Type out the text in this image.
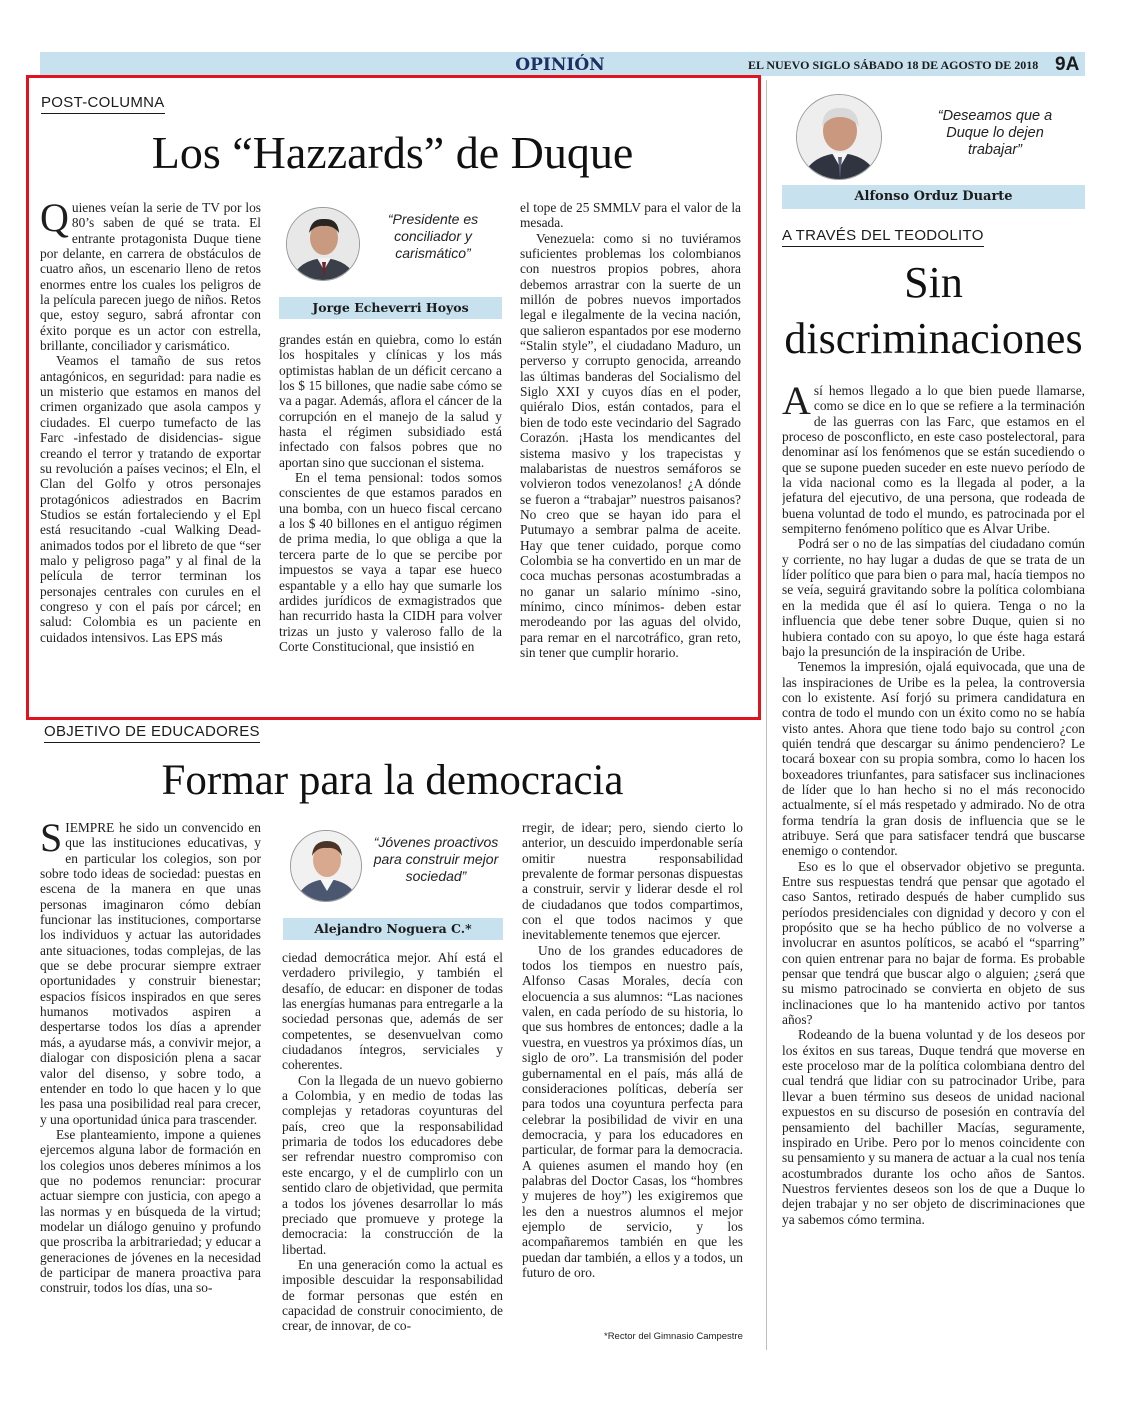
OPINIÓN	EL NUEVO SIGLO SÁBADO 18 DE AGOSTO DE 2018 9A
POST-COLUMNA
Los “Hazzards” de Duque

Quienes veían la serie de TV por los 80’s saben de qué se trata. El entrante protagonista Duque tiene por delante, en carrera de obstáculos de cuatro años, un escenario lleno de retos enormes entre los cuales los peligros de la película parecen juego de niños. Retos que, estoy seguro, sabrá afrontar con éxito porque es un actor con estrella, brillante, conciliador y carismático.

Veamos el tamaño de sus retos antagónicos, en seguridad: para nadie es un misterio que estamos en manos del crimen organizado que asola campos y ciudades. El cuerpo tumefacto de las Farc -infestado de disidencias- sigue creando el terror y tratando de exportar su revolución a países vecinos; el Eln, el Clan del Golfo y otros personajes protagónicos adiestrados en Bacrim Studios se están fortaleciendo y el Epl está resucitando -cual Walking Dead- animados todos por el libreto de que “ser malo y peligroso paga” y al final de la película de terror terminan los personajes centrales con curules en el congreso y con el país por cárcel; en salud: Colombia es un paciente en cuidados intensivos. Las EPS más

“Presidente es conciliador y carismático”
Jorge Echeverri Hoyos

grandes están en quiebra, como lo están los hospitales y clínicas y los más optimistas hablan de un déficit cercano a los $ 15 billones, que nadie sabe cómo se va a pagar. Además, aflora el cáncer de la corrupción en el manejo de la salud y hasta el régimen subsidiado está infectado con falsos pobres que no aportan sino que succionan el sistema.

En el tema pensional: todos somos conscientes de que estamos parados en una bomba, con un hueco fiscal cercano a los $ 40 billones en el antiguo régimen de prima media, lo que obliga a que la tercera parte de lo que se percibe por impuestos se vaya a tapar ese hueco espantable y a ello hay que sumarle los ardides jurídicos de exmagistrados que han recurrido hasta la CIDH para volver trizas un justo y valeroso fallo de la Corte Constitucional, que insistió en

el tope de 25 SMMLV para el valor de la mesada.

Venezuela: como si no tuviéramos suficientes problemas los colombianos con nuestros propios pobres, ahora debemos arrastrar con la suerte de un millón de pobres nuevos importados legal e ilegalmente de la vecina nación, que salieron espantados por ese moderno “Stalin style”, el ciudadano Maduro, un perverso y corrupto genocida, arreando las últimas banderas del Socialismo del Siglo XXI y cuyos días en el poder, quiéralo Dios, están contados, para el bien de todo este vecindario del Sagrado Corazón. ¡Hasta los mendicantes del sistema masivo y los trapecistas y malabaristas de nuestros semáforos se volvieron todos venezolanos! ¿A dónde se fueron a “trabajar” nuestros paisanos? No creo que se hayan ido para el Putumayo a sembrar palma de aceite. Hay que tener cuidado, porque como Colombia se ha convertido en un mar de coca muchas personas acostumbradas a no ganar un salario mínimo -sino, mínimo, cinco mínimos- deben estar merodeando por las aguas del olvido, para remar en el narcotráfico, gran reto, sin tener que cumplir horario.

OBJETIVO DE EDUCADORES
Formar para la democracia

SIEMPRE he sido un convencido en que las instituciones educativas, y en particular los colegios, son por sobre todo ideas de sociedad: puestas en escena de la manera en que unas personas imaginaron cómo debían funcionar las instituciones, comportarse los individuos y actuar las autoridades ante situaciones, todas complejas, de las que se debe procurar siempre extraer oportunidades y construir bienestar; espacios físicos inspirados en que seres humanos motivados aspiren a despertarse todos los días a aprender más, a ayudarse más, a convivir mejor, a dialogar con disposición plena a sacar valor del disenso, y sobre todo, a entender en todo lo que hacen y lo que les pasa una posibilidad real para crecer, y una oportunidad única para trascender.

Ese planteamiento, impone a quienes ejercemos alguna labor de formación en los colegios unos deberes mínimos a los que no podemos renunciar: procurar actuar siempre con justicia, con apego a las normas y en búsqueda de la virtud; modelar un diálogo genuino y profundo que proscriba la arbitrariedad; y educar a generaciones de jóvenes en la necesidad de participar de manera proactiva para construir, todos los días, una so-

“Jóvenes proactivos para construir mejor sociedad”
Alejandro Noguera C.*

ciedad democrática mejor. Ahí está el verdadero privilegio, y también el desafío, de educar: en disponer de todas las energías humanas para entregarle a la sociedad personas que, además de ser competentes, se desenvuelvan como ciudadanos íntegros, serviciales y coherentes.

Con la llegada de un nuevo gobierno a Colombia, y en medio de todas las complejas y retadoras coyunturas del país, creo que la responsabilidad primaria de todos los educadores debe ser refrendar nuestro compromiso con este encargo, y el de cumplirlo con un sentido claro de objetividad, que permita a todos los jóvenes desarrollar lo más preciado que promueve y protege la democracia: la construcción de la libertad.

En una generación como la actual es imposible descuidar la responsabilidad de formar personas que estén en capacidad de construir conocimiento, de crear, de innovar, de co-

rregir, de idear; pero, siendo cierto lo anterior, un descuido imperdonable sería omitir nuestra responsabilidad prevalente de formar personas dispuestas a construir, servir y liderar desde el rol de ciudadanos que todos compartimos, con el que todos nacimos y que inevitablemente tenemos que ejercer.

Uno de los grandes educadores de todos los tiempos en nuestro país, Alfonso Casas Morales, decía con elocuencia a sus alumnos: “Las naciones valen, en cada período de su historia, lo que sus hombres de entonces; dadle a la vuestra, en vuestros ya próximos días, un siglo de oro”. La transmisión del poder gubernamental en el país, más allá de consideraciones políticas, debería ser para todos una coyuntura perfecta para celebrar la posibilidad de vivir en una democracia, y para los educadores en particular, de formar para la democracia. A quienes asumen el mando hoy (en palabras del Doctor Casas, los “hombres y mujeres de hoy”) les exigiremos que les den a nuestros alumnos el mejor ejemplo de servicio, y los acompañaremos también en que les puedan dar también, a ellos y a todos, un futuro de oro.

*Rector del Gimnasio Campestre
“Deseamos que a Duque lo dejen trabajar”
Alfonso Orduz Duarte
A TRAVÉS DEL TEODOLITO
Sin
discriminaciones

Así hemos llegado a lo que bien puede llamarse, como se dice en lo que se refiere a la terminación de las guerras con las Farc, que estamos en el proceso de posconflicto, en este caso postelectoral, para denominar así los fenómenos que se están sucediendo o que se supone pueden suceder en este nuevo período de la vida nacional como es la llegada al poder, a la jefatura del ejecutivo, de una persona, que rodeada de buena voluntad de todo el mundo, es patrocinada por el sempiterno fenómeno político que es Alvar Uribe.

Podrá ser o no de las simpatías del ciudadano común y corriente, no hay lugar a dudas de que se trata de un líder político que para bien o para mal, hacía tiempos no se veía, seguirá gravitando sobre la política colombiana en la medida que él así lo quiera. Tenga o no la influencia que debe tener sobre Duque, quien si no hubiera contado con su apoyo, lo que éste haga estará bajo la presunción de la inspiración de Uribe.

Tenemos la impresión, ojalá equivocada, que una de las inspiraciones de Uribe es la pelea, la controversia con lo existente. Así forjó su primera candidatura en contra de todo el mundo con un éxito como no se había visto antes. Ahora que tiene todo bajo su control ¿con quién tendrá que descargar su ánimo pendenciero? Le tocará boxear con su propia sombra, como lo hacen los boxeadores triunfantes, para satisfacer sus inclinaciones de líder que lo han hecho si no el más reconocido actualmente, sí el más respetado y admirado. No de otra forma tendría la gran dosis de influencia que se le atribuye. Será que para satisfacer tendrá que buscarse enemigo o contendor.

Eso es lo que el observador objetivo se pregunta. Entre sus respuestas tendrá que pensar que agotado el caso Santos, retirado después de haber cumplido sus períodos presidenciales con dignidad y decoro y con el propósito que se ha hecho público de no volverse a involucrar en asuntos políticos, se acabó el “sparring” con quien entrenar para no bajar de forma. Es probable pensar que tendrá que buscar algo o alguien; ¿será que su mismo patrocinado se convierta en objeto de sus inclinaciones que lo ha mantenido activo por tantos años?

Rodeando de la buena voluntad y de los deseos por los éxitos en sus tareas, Duque tendrá que moverse en este proceloso mar de la política colombiana dentro del cual tendrá que lidiar con su patrocinador Uribe, para llevar a buen término sus deseos de unidad nacional expuestos en su discurso de posesión en contravía del pensamiento del bachiller Macías, seguramente, inspirado en Uribe. Pero por lo menos coincidente con su pensamiento y su manera de actuar a la cual nos tenía acostumbrados durante los ocho años de Santos. Nuestros fervientes deseos son los de que a Duque lo dejen trabajar y no ser objeto de discriminaciones que ya sabemos cómo termina.
